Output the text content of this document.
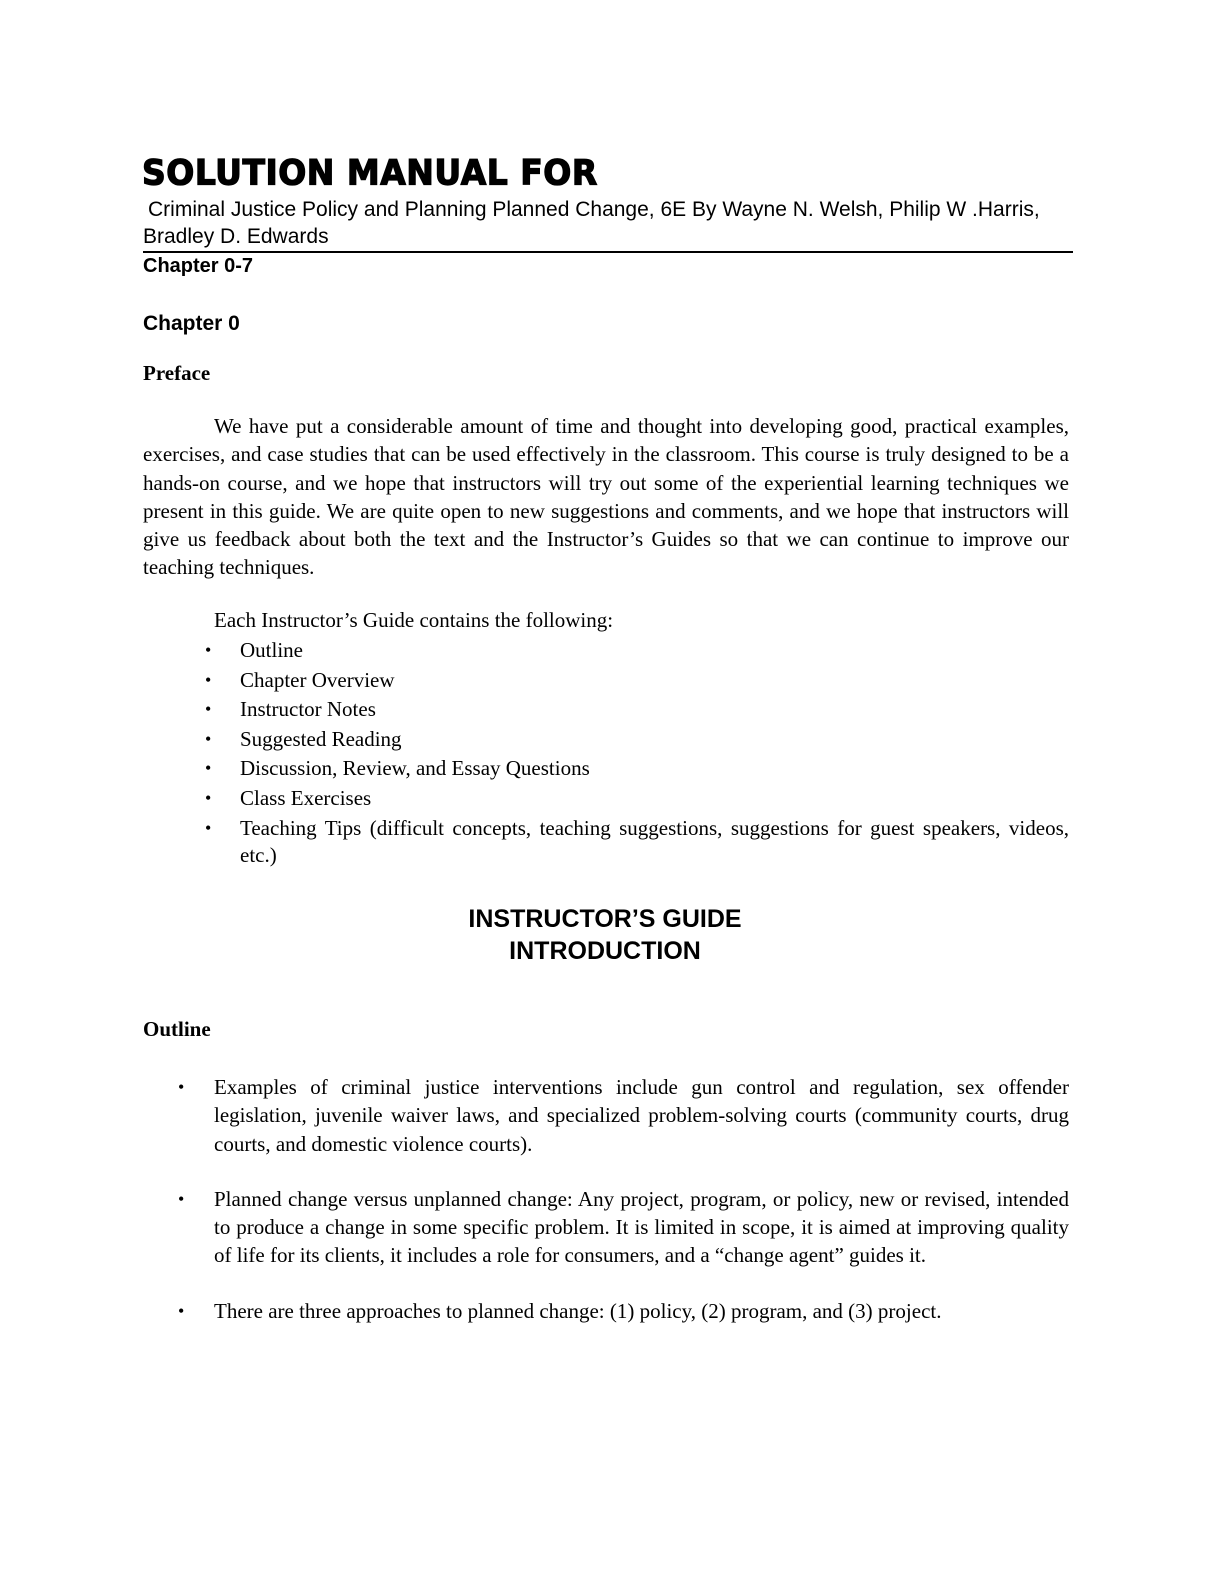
SOLUTION MANUAL FOR
Criminal Justice Policy and Planning Planned Change, 6E By Wayne N. Welsh, Philip W .Harris, Bradley D. Edwards
Chapter 0-7
Chapter 0
Preface

We have put a considerable amount of time and thought into developing good, practical examples, exercises, and case studies that can be used effectively in the classroom. This course is truly designed to be a hands-on course, and we hope that instructors will try out some of the experiential learning techniques we present in this guide. We are quite open to new suggestions and comments, and we hope that instructors will give us feedback about both the text and the Instructor’s Guides so that we can continue to improve our teaching techniques.

Each Instructor’s Guide contains the following:
• Outline
• Chapter Overview
• Instructor Notes
• Suggested Reading
• Discussion, Review, and Essay Questions
• Class Exercises
• Teaching Tips (difficult concepts, teaching suggestions, suggestions for guest speakers, videos, etc.)
INSTRUCTOR’S GUIDE
INTRODUCTION
Outline
• Examples of criminal justice interventions include gun control and regulation, sex offender legislation, juvenile waiver laws, and specialized problem-solving courts (community courts, drug courts, and domestic violence courts).
• Planned change versus unplanned change: Any project, program, or policy, new or revised, intended to produce a change in some specific problem. It is limited in scope, it is aimed at improving quality of life for its clients, it includes a role for consumers, and a “change agent” guides it.
• There are three approaches to planned change: (1) policy, (2) program, and (3) project.
